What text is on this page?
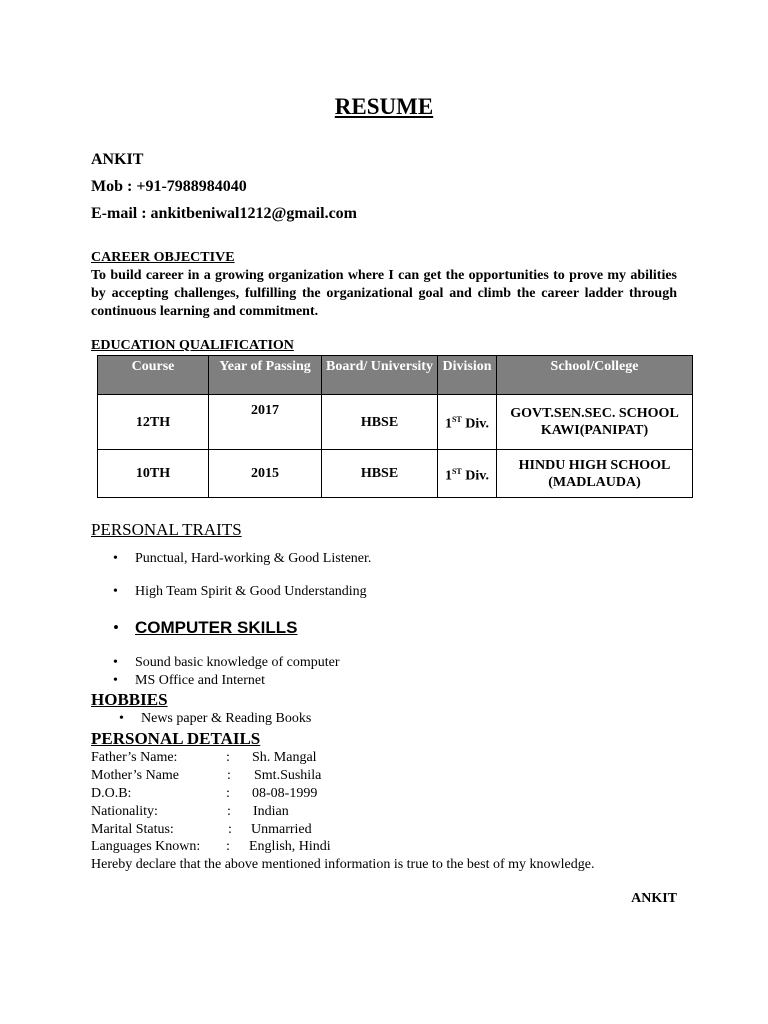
RESUME
ANKIT
Mob : +91-7988984040
E-mail : ankitbeniwal1212@gmail.com
CAREER OBJECTIVE
To build career in a growing organization where I can get the opportunities to prove my abilities by accepting challenges, fulfilling the organizational goal and climb the career ladder through continuous learning and commitment.
EDUCATION QUALIFICATION
Course	Year of Passing	Board/ University	Division	School/College
12TH	2017	HBSE	1ST Div.	GOVT.SEN.SEC. SCHOOL KAWI(PANIPAT)
10TH	2015	HBSE	1ST Div.	HINDU HIGH SCHOOL (MADLAUDA)
PERSONAL TRAITS
• Punctual, Hard-working & Good Listener.
• High Team Spirit & Good Understanding
• COMPUTER SKILLS
• Sound basic knowledge of computer
• MS Office and Internet
HOBBIES
• News paper & Reading Books
PERSONAL DETAILS
Father’s Name:	: Sh. Mangal
Mother’s Name	: Smt.Sushila
D.O.B:	: 08-08-1999
Nationality:	: Indian
Marital Status:	: Unmarried
Languages Known: : English, Hindi
Hereby declare that the above mentioned information is true to the best of my knowledge.
ANKIT
